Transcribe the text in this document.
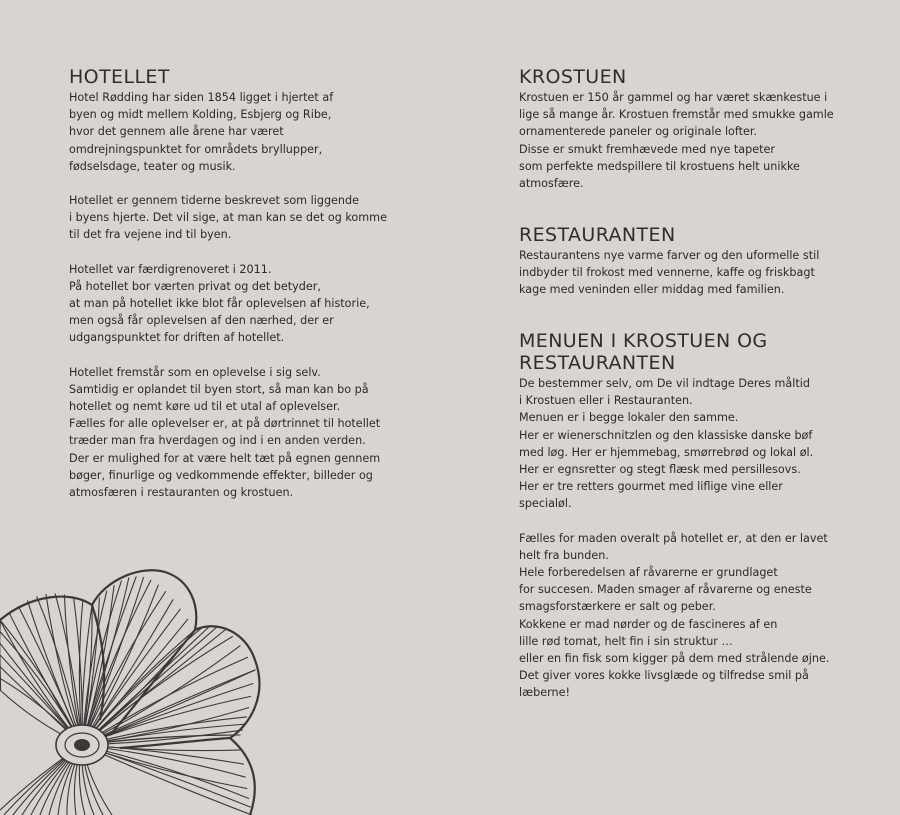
HOTELLET
Hotel Rødding har siden 1854 ligget i hjertet af
byen og midt mellem Kolding, Esbjerg og Ribe,
hvor det gennem alle årene har været
omdrejningspunktet for områdets bryllupper,
fødselsdage, teater og musik.
Hotellet er gennem tiderne beskrevet som liggende
i byens hjerte. Det vil sige, at man kan se det og komme
til det fra vejene ind til byen.
Hotellet var færdigrenoveret i 2011.
På hotellet bor værten privat og det betyder,
at man på hotellet ikke blot får oplevelsen af historie,
men også får oplevelsen af den nærhed, der er
udgangspunktet for driften af hotellet.
Hotellet fremstår som en oplevelse i sig selv.
Samtidig er oplandet til byen stort, så man kan bo på
hotellet og nemt køre ud til et utal af oplevelser.
Fælles for alle oplevelser er, at på dørtrinnet til hotellet
træder man fra hverdagen og ind i en anden verden.
Der er mulighed for at være helt tæt på egnen gennem
bøger, finurlige og vedkommende effekter, billeder og
atmosfæren i restauranten og krostuen.
KROSTUEN
Krostuen er 150 år gammel og har været skænkestue i
lige så mange år. Krostuen fremstår med smukke gamle
ornamenterede paneler og originale lofter.
Disse er smukt fremhævede med nye tapeter
som perfekte medspillere til krostuens helt unikke
atmosfære.
RESTAURANTEN
Restaurantens nye varme farver og den uformelle stil
indbyder til frokost med vennerne, kaffe og friskbagt
kage med veninden eller middag med familien.
MENUEN I KROSTUEN OG
RESTAURANTEN
De bestemmer selv, om De vil indtage Deres måltid
i Krostuen eller i Restauranten.
Menuen er i begge lokaler den samme.
Her er wienerschnitzlen og den klassiske danske bøf
med løg. Her er hjemmebag, smørrebrød og lokal øl.
Her er egnsretter og stegt flæsk med persillesovs.
Her er tre retters gourmet med liflige vine eller
specialøl.
Fælles for maden overalt på hotellet er, at den er lavet
helt fra bunden.
Hele forberedelsen af råvarerne er grundlaget
for succesen. Maden smager af råvarerne og eneste
smagsforstærkere er salt og peber.
Kokkene er mad nørder og de fascineres af en
lille rød tomat, helt fin i sin struktur …
eller en fin fisk som kigger på dem med strålende øjne.
Det giver vores kokke livsglæde og tilfredse smil på
læberne!
